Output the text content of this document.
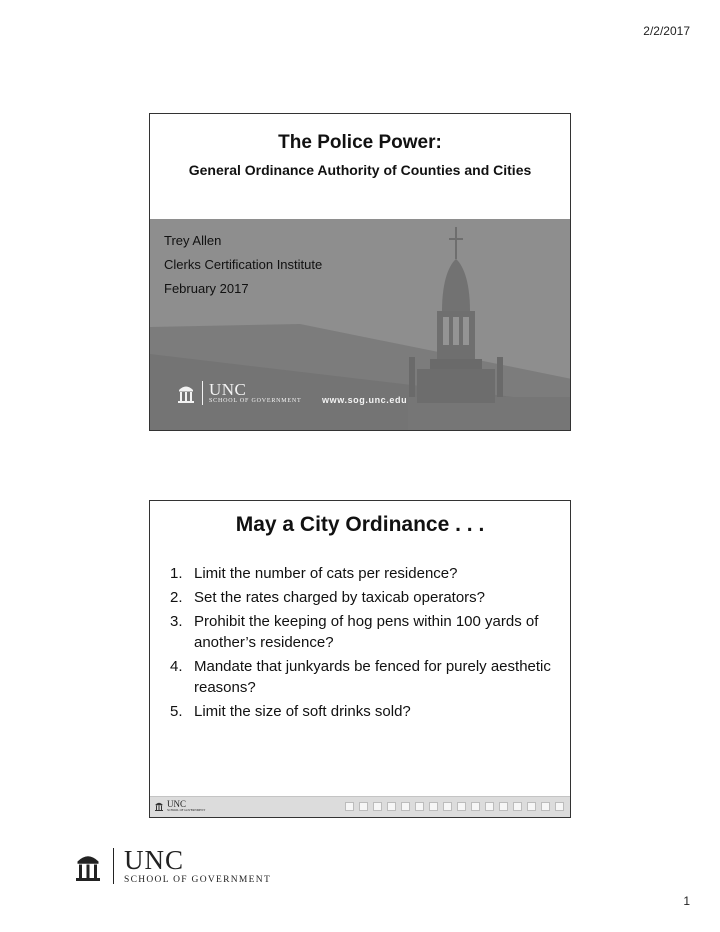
2/2/2017
The Police Power:
General Ordinance Authority of Counties and Cities
Trey Allen
Clerks Certification Institute
February 2017
UNC
SCHOOL OF GOVERNMENT www.sog.unc.edu
May a City Ordinance . . .
1. Limit the number of cats per residence?
2. Set the rates charged by taxicab operators?
3. Prohibit the keeping of hog pens within 100 yards of another’s residence?
4. Mandate that junkyards be fenced for purely aesthetic reasons?
5. Limit the size of soft drinks sold?
UNC
SCHOOL OF GOVERNMENT
UNC
SCHOOL OF GOVERNMENT
1
